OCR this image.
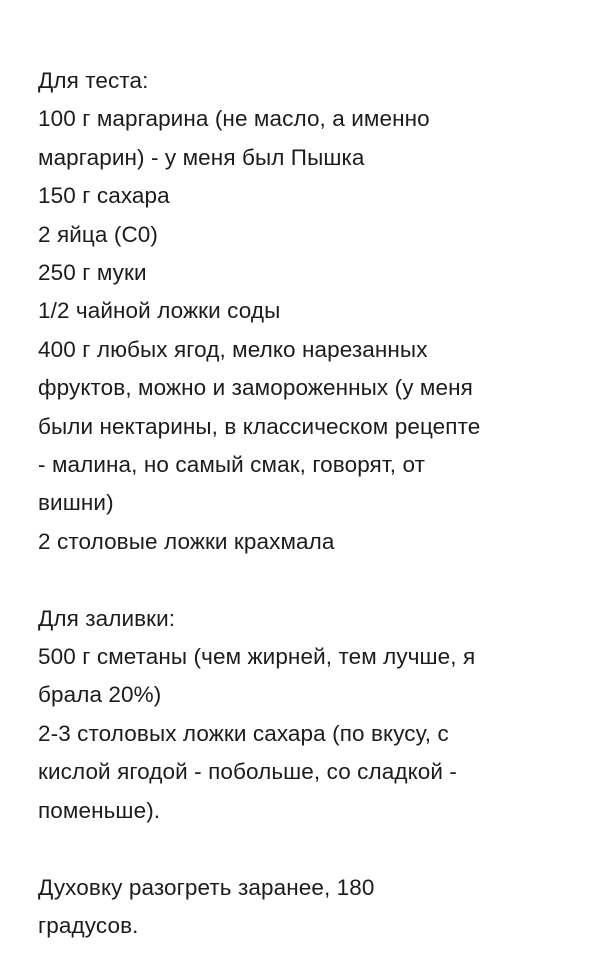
Для теста:
100 г маргарина (не масло, а именно
маргарин) - у меня был Пышка
150 г сахара
2 яйца (С0)
250 г муки
1/2 чайной ложки соды
400 г любых ягод, мелко нарезанных
фруктов, можно и замороженных (у меня
были нектарины, в классическом рецепте
- малина, но самый смак, говорят, от
вишни)
2 столовые ложки крахмала
Для заливки:
500 г сметаны (чем жирней, тем лучше, я
брала 20%)
2-3 столовых ложки сахара (по вкусу, с
кислой ягодой - побольше, со сладкой -
поменьше).
Духовку разогреть заранее, 180
градусов.
